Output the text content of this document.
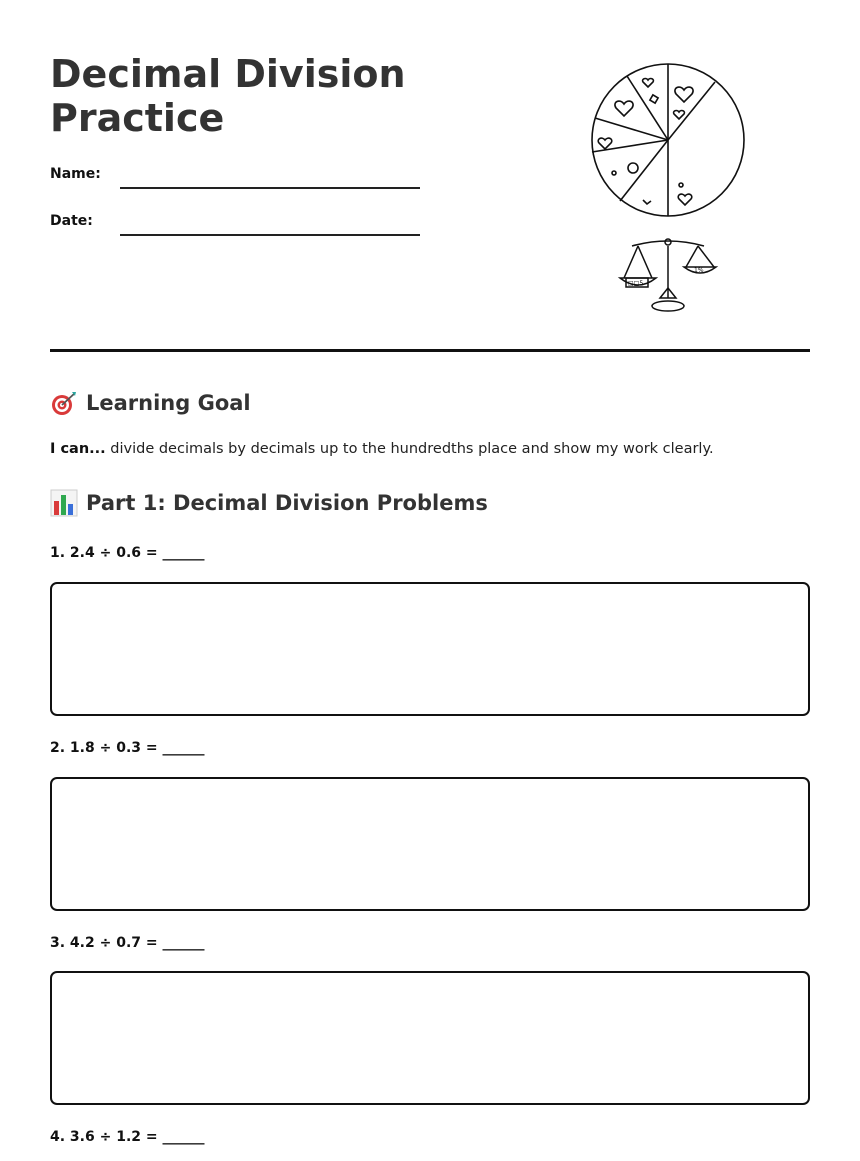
Decimal Division
Practice
Name:
Date:
□□5
1%
Learning Goal
I can... divide decimals by decimals up to the hundredths place and show my work clearly.
Part 1: Decimal Division Problems
1. 2.4 ÷ 0.6 = ______
2. 1.8 ÷ 0.3 = ______
3. 4.2 ÷ 0.7 = ______
4. 3.6 ÷ 1.2 = ______
